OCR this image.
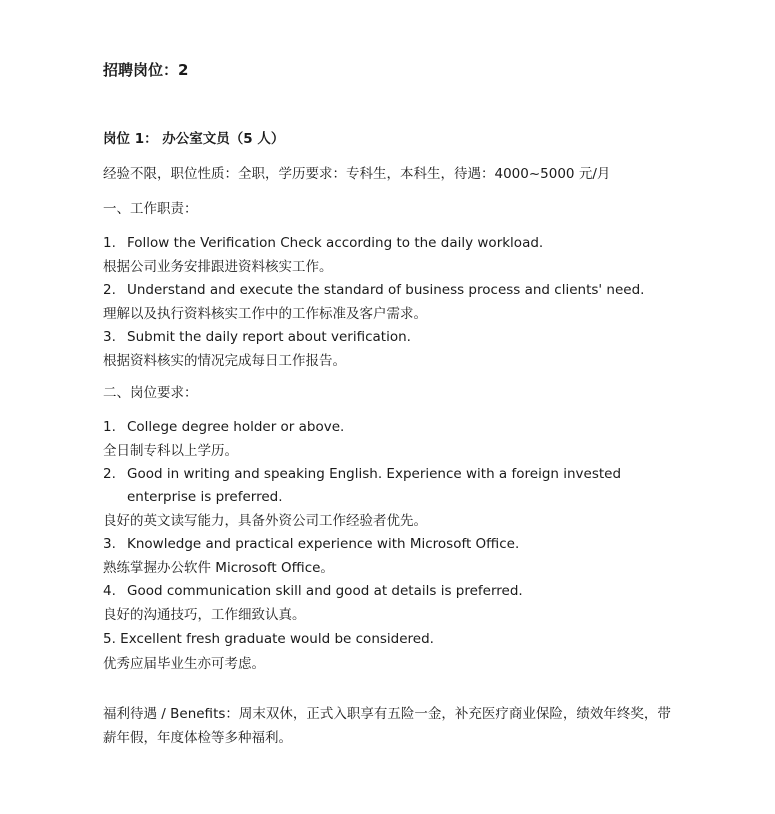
招聘岗位：2
岗位 1： 办公室文员（5 人）
经验不限，职位性质：全职，学历要求：专科生，本科生，待遇：4000~5000 元/月
一、工作职责：
1. Follow the Verification Check according to the daily workload.
根据公司业务安排跟进资料核实工作。
2. Understand and execute the standard of business process and clients' need.
理解以及执行资料核实工作中的工作标准及客户需求。
3. Submit the daily report about verification.
根据资料核实的情况完成每日工作报告。
二、岗位要求：
1. College degree holder or above.
全日制专科以上学历。
2. Good in writing and speaking English. Experience with a foreign invested enterprise is preferred.
良好的英文读写能力，具备外资公司工作经验者优先。
3. Knowledge and practical experience with Microsoft Office.
熟练掌握办公软件 Microsoft Office。
4. Good communication skill and good at details is preferred.
良好的沟通技巧，工作细致认真。
5. Excellent fresh graduate would be considered.
优秀应届毕业生亦可考虑。
福利待遇 / Benefits：周末双休，正式入职享有五险一金，补充医疗商业保险，绩效年终奖，带薪年假，年度体检等多种福利。
